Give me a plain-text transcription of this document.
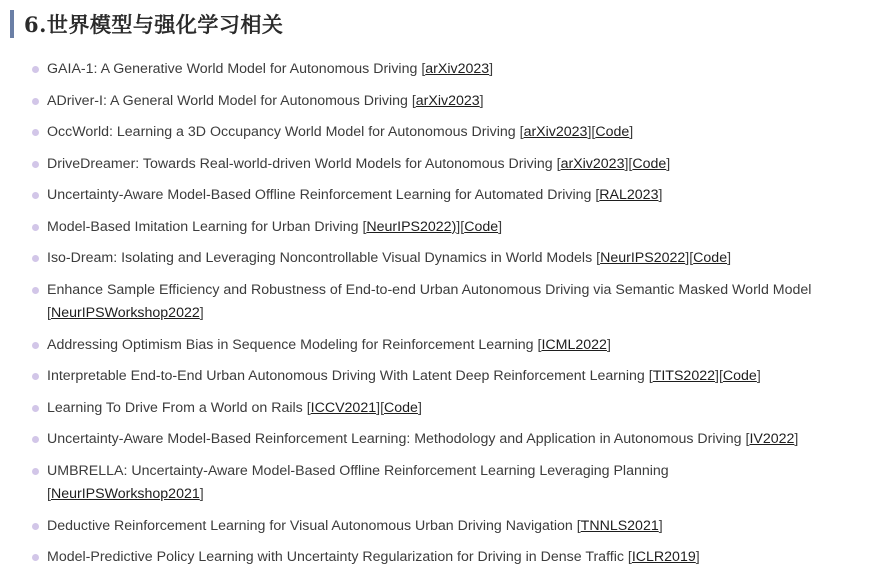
6.世界模型与强化学习相关
GAIA-1: A Generative World Model for Autonomous Driving [arXiv2023]
ADriver-I: A General World Model for Autonomous Driving [arXiv2023]
OccWorld: Learning a 3D Occupancy World Model for Autonomous Driving [arXiv2023][Code]
DriveDreamer: Towards Real-world-driven World Models for Autonomous Driving [arXiv2023][Code]
Uncertainty-Aware Model-Based Offline Reinforcement Learning for Automated Driving [RAL2023]
Model-Based Imitation Learning for Urban Driving [NeurIPS2022)][Code]
Iso-Dream: Isolating and Leveraging Noncontrollable Visual Dynamics in World Models [NeurIPS2022][Code]
Enhance Sample Efficiency and Robustness of End-to-end Urban Autonomous Driving via Semantic Masked World Model [NeurIPSWorkshop2022]
Addressing Optimism Bias in Sequence Modeling for Reinforcement Learning [ICML2022]
Interpretable End-to-End Urban Autonomous Driving With Latent Deep Reinforcement Learning [TITS2022][Code]
Learning To Drive From a World on Rails [ICCV2021][Code]
Uncertainty-Aware Model-Based Reinforcement Learning: Methodology and Application in Autonomous Driving [IV2022]
UMBRELLA: Uncertainty-Aware Model-Based Offline Reinforcement Learning Leveraging Planning [NeurIPSWorkshop2021]
Deductive Reinforcement Learning for Visual Autonomous Urban Driving Navigation [TNNLS2021]
Model-Predictive Policy Learning with Uncertainty Regularization for Driving in Dense Traffic [ICLR2019]
